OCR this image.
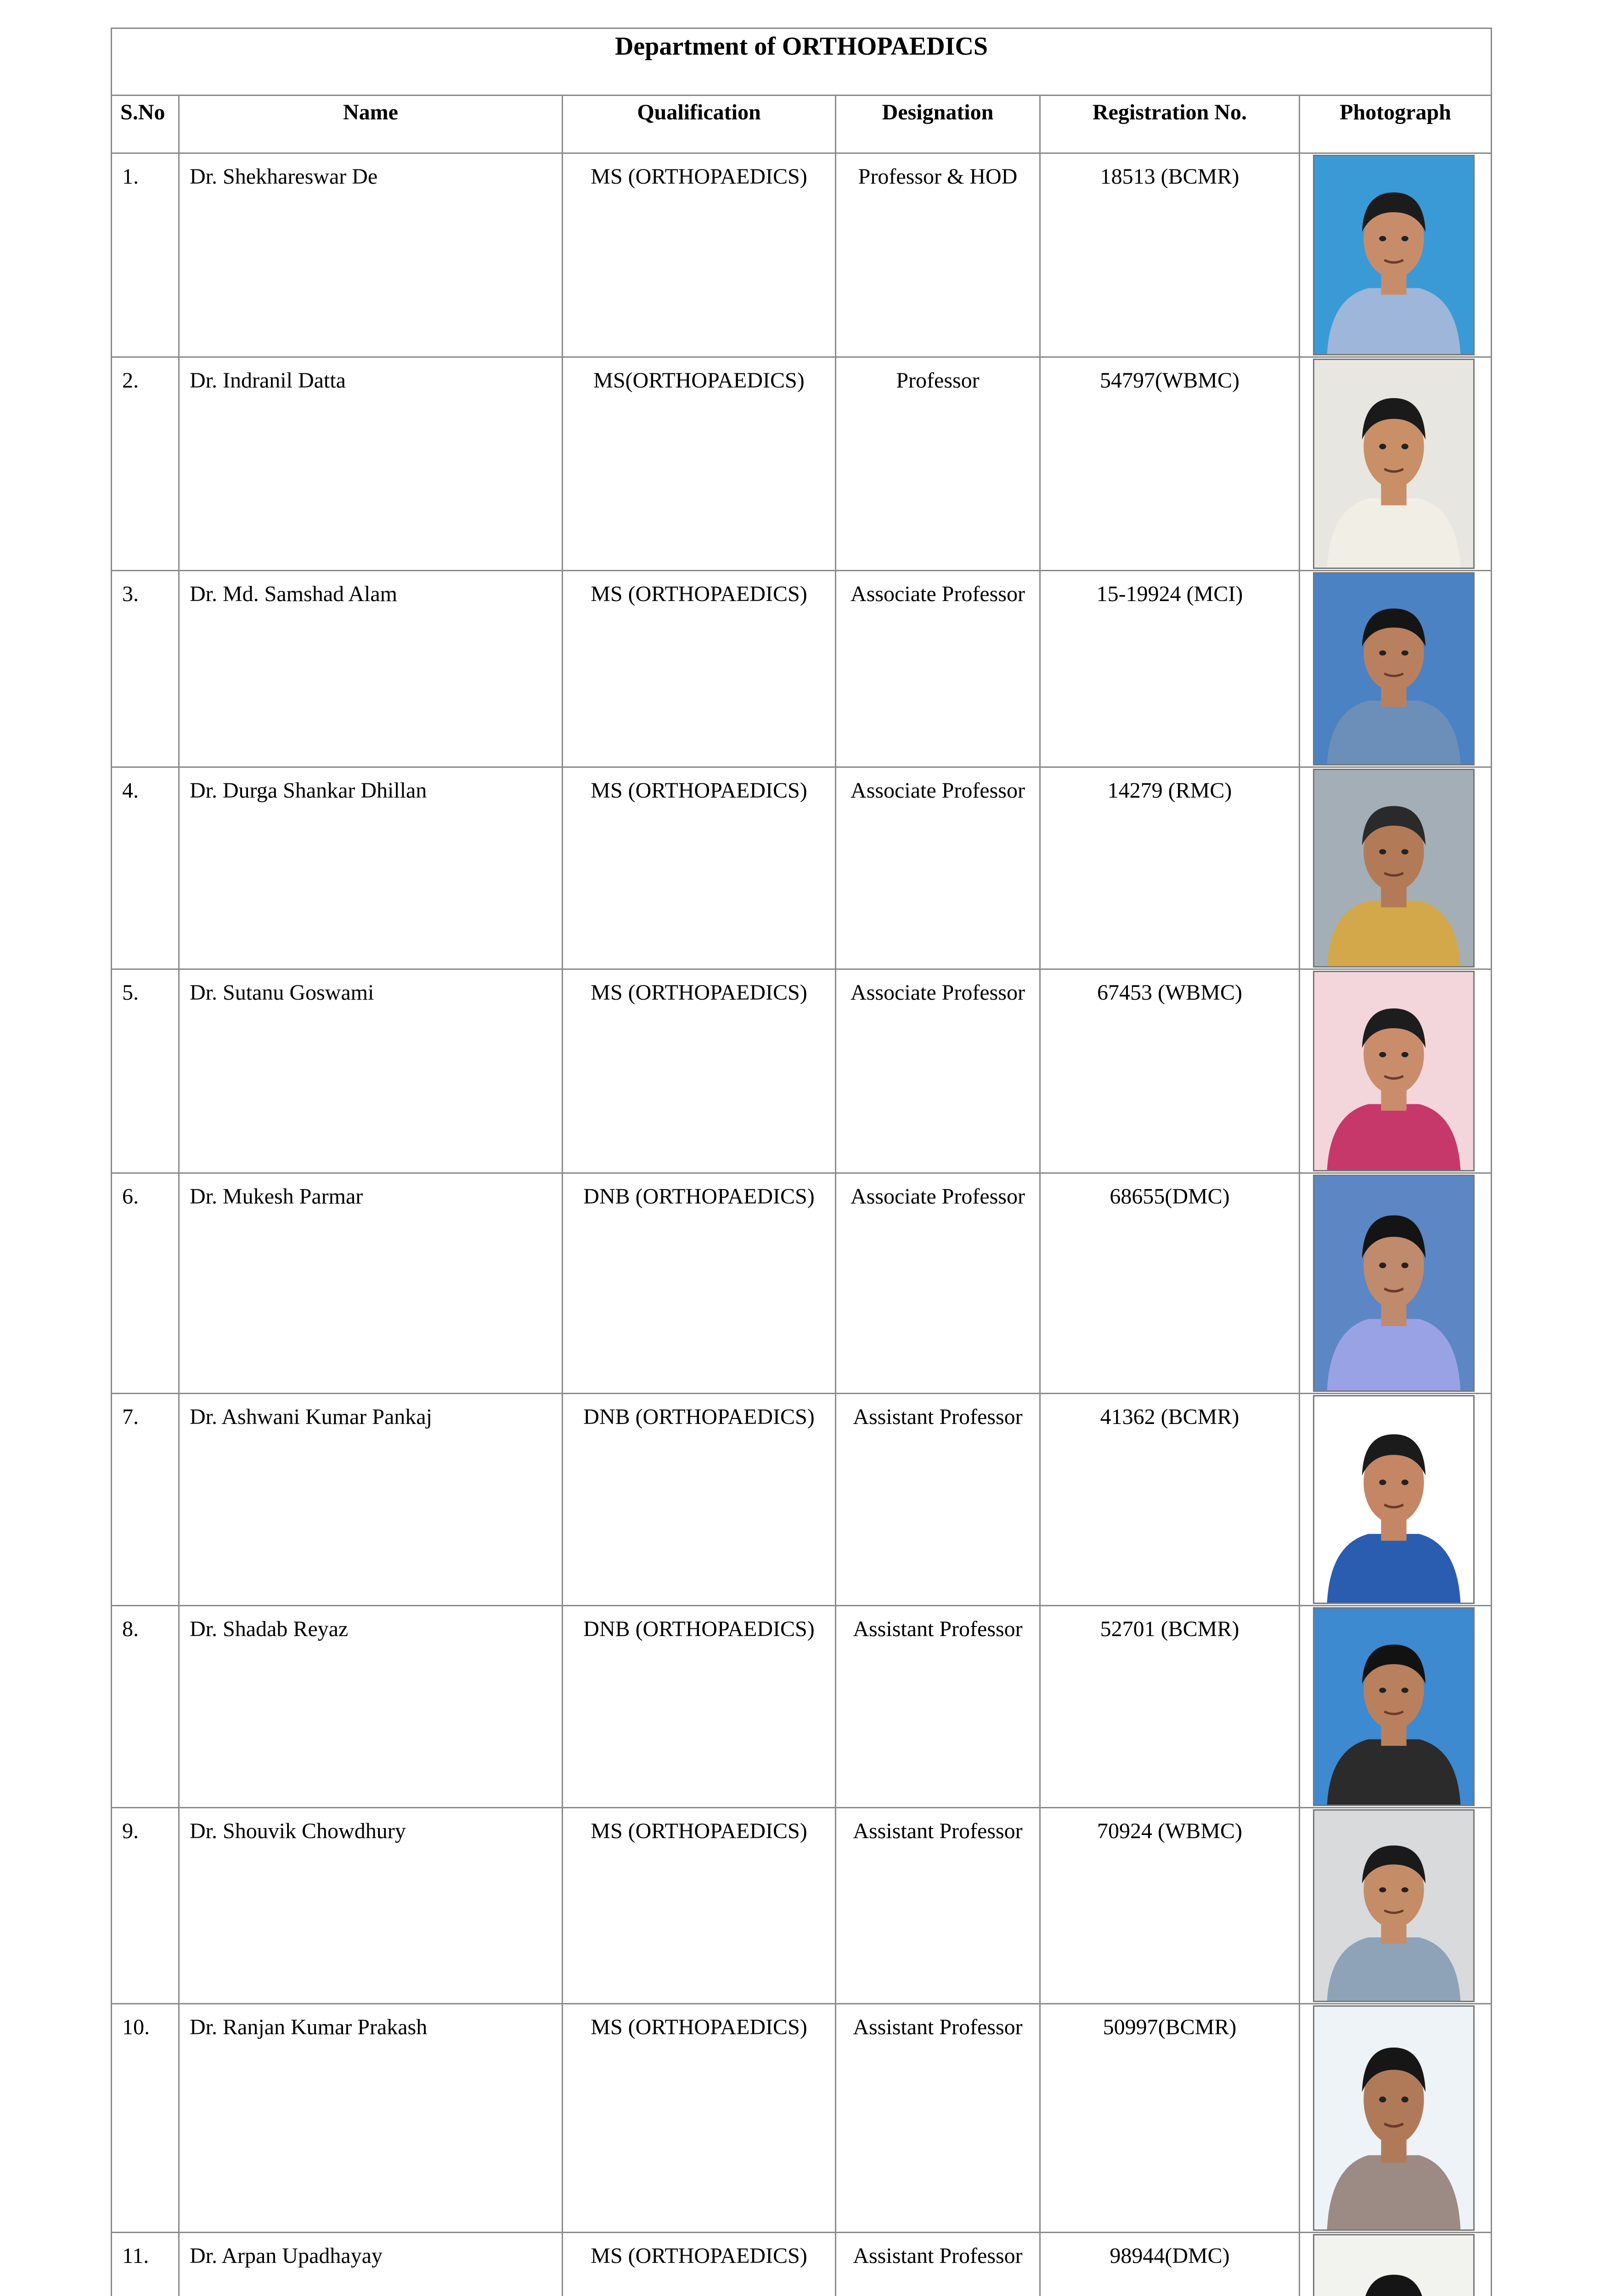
Department of ORTHOPAEDICS					
S.No	Name	Qualification	Designation	Registration No.	Photograph
1.	Dr. Shekhareswar De	MS (ORTHOPAEDICS)	Professor & HOD	18513 (BCMR)	

2.	Dr. Indranil Datta	MS(ORTHOPAEDICS)	Professor	54797(WBMC)	

3.	Dr. Md. Samshad Alam	MS (ORTHOPAEDICS)	Associate Professor	15-19924 (MCI)	

4.	Dr. Durga Shankar Dhillan	MS (ORTHOPAEDICS)	Associate Professor	14279 (RMC)	

5.	Dr. Sutanu Goswami	MS (ORTHOPAEDICS)	Associate Professor	67453 (WBMC)	

6.	Dr. Mukesh Parmar	DNB (ORTHOPAEDICS)	Associate Professor	68655(DMC)	

7.	Dr. Ashwani Kumar Pankaj	DNB (ORTHOPAEDICS)	Assistant Professor	41362 (BCMR)	

8.	Dr. Shadab Reyaz	DNB (ORTHOPAEDICS)	Assistant Professor	52701 (BCMR)	

9.	Dr. Shouvik Chowdhury	MS (ORTHOPAEDICS)	Assistant Professor	70924 (WBMC)	

10.	Dr. Ranjan Kumar Prakash	MS (ORTHOPAEDICS)	Assistant Professor	50997(BCMR)	

11.	Dr. Arpan Upadhayay	MS (ORTHOPAEDICS)	Assistant Professor	98944(DMC)	
